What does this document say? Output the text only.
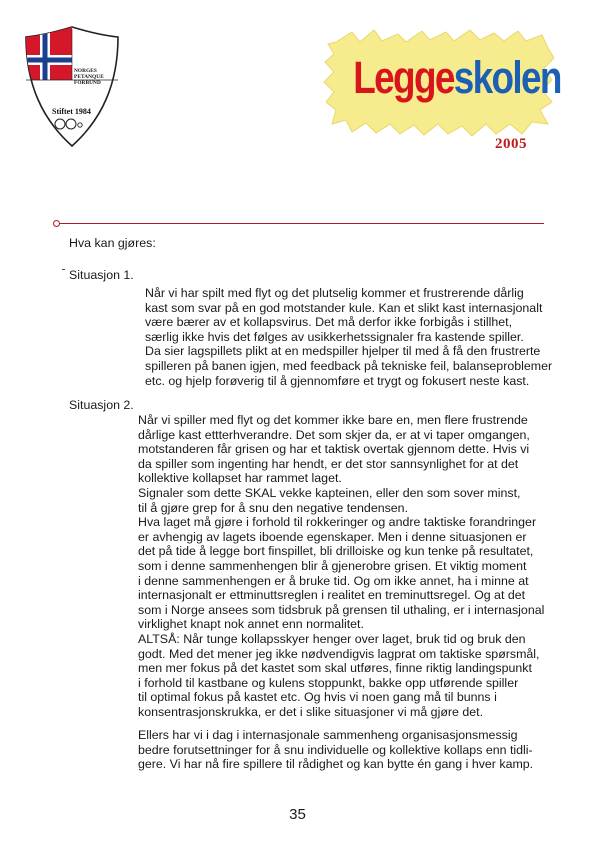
NORGES
PETANQUE
FORBUND
Stiftet 1984
Leggeskolen
2005
Hva kan gjøres:
Situasjon 1.
Når vi har spilt med flyt og det plutselig kommer et frustrerende dårlig
kast som svar på en god motstander kule. Kan et slikt kast internasjonalt
være bærer av et kollapsvirus. Det må derfor ikke forbigås i stillhet,
særlig ikke hvis det følges av usikkerhetssignaler fra kastende spiller.
Da sier lagspillets plikt at en medspiller hjelper til med å få den frustrerte
spilleren på banen igjen, med feedback på tekniske feil, balanseproblemer
etc. og hjelp forøverig til å gjennomføre et trygt og fokusert neste kast.
Situasjon 2.
Når vi spiller med flyt og det kommer ikke bare en, men flere frustrende
dårlige kast ettterhverandre. Det som skjer da, er at vi taper omgangen,
motstanderen får grisen og har et taktisk overtak gjennom dette. Hvis vi
da spiller som ingenting har hendt, er det stor sannsynlighet for at det
kollektive kollapset har rammet laget.
Signaler som dette SKAL vekke kapteinen, eller den som sover minst,
til å gjøre grep for å snu den negative tendensen.
Hva laget må gjøre i forhold til rokkeringer og andre taktiske forandringer
er avhengig av lagets iboende egenskaper. Men i denne situasjonen er
det på tide å legge bort finspillet, bli drilloiske og kun tenke på resultatet,
som i denne sammenhengen blir å gjenerobre grisen. Et viktig moment
i denne sammenhengen er å bruke tid. Og om ikke annet, ha i minne at
internasjonalt er ettminuttsreglen i realitet en treminuttsregel. Og at det
som i Norge ansees som tidsbruk på grensen til uthaling, er i internasjonal
virklighet knapt nok annet enn normalitet.
ALTSÅ: Når tunge kollapsskyer henger over laget, bruk tid og bruk den
godt. Med det mener jeg ikke nødvendigvis lagprat om taktiske spørsmål,
men mer fokus på det kastet som skal utføres, finne riktig landingspunkt
i forhold til kastbane og kulens stoppunkt, bakke opp utførende spiller
til optimal fokus på kastet etc. Og hvis vi noen gang må til bunns i
konsentrasjonskrukka, er det i slike situasjoner vi må gjøre det.
Ellers har vi i dag i internasjonale sammenheng organisasjonsmessig
bedre forutsettninger for å snu individuelle og kollektive kollaps enn tidli-
gere. Vi har nå fire spillere til rådighet og kan bytte én gang i hver kamp.
35
